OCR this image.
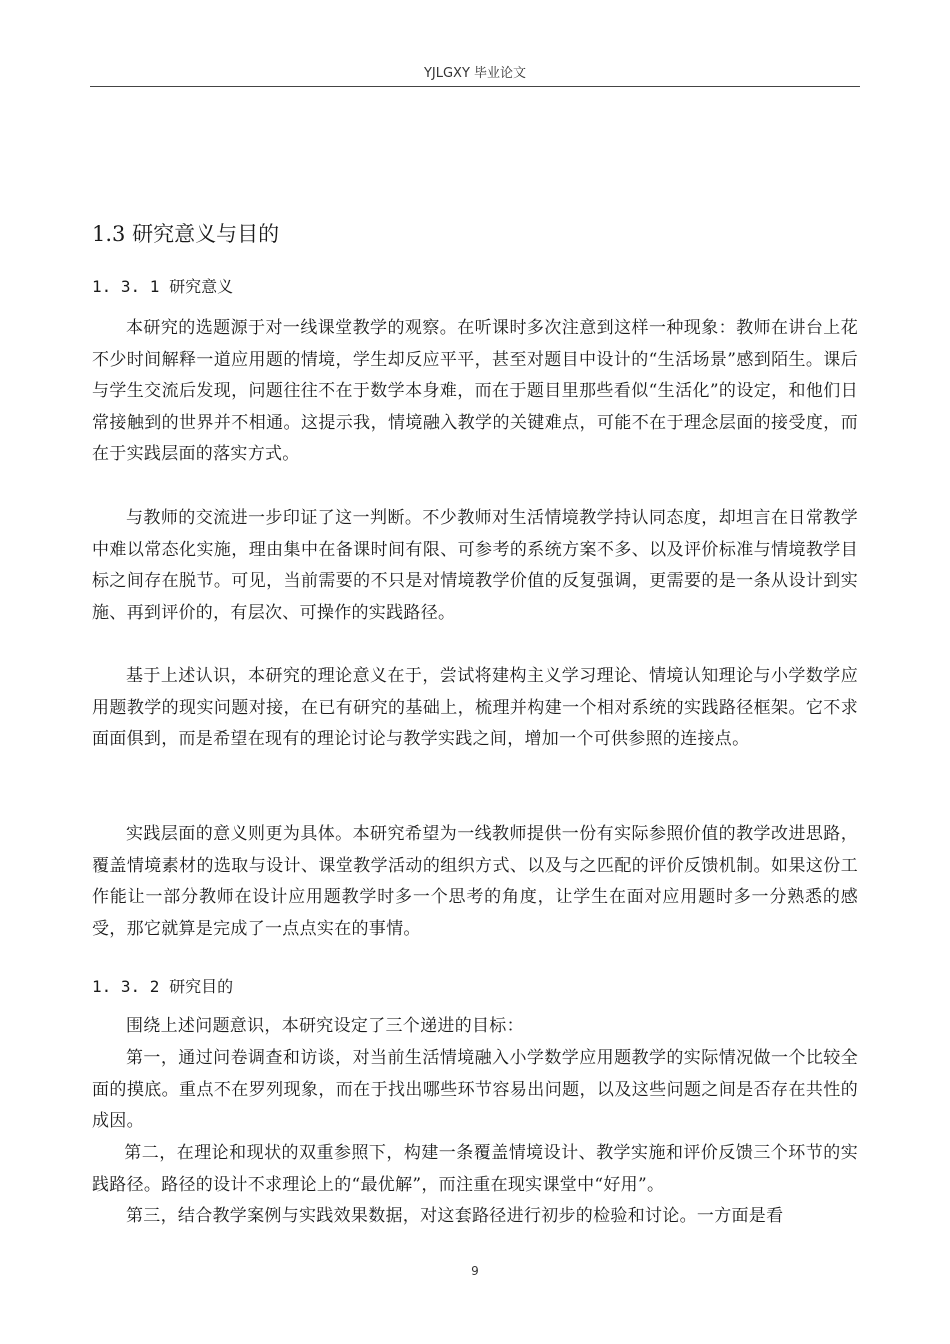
YJLGXY 毕业论文
1.3 研究意义与目的
1. 3. 1 研究意义

本研究的选题源于对一线课堂教学的观察。在听课时多次注意到这样一种现象：教师在讲台上花不少时间解释一道应用题的情境，学生却反应平平，甚至对题目中设计的“生活场景”感到陌生。课后与学生交流后发现，问题往往不在于数学本身难，而在于题目里那些看似“生活化”的设定，和他们日常接触到的世界并不相通。这提示我，情境融入教学的关键难点，可能不在于理念层面的接受度，而在于实践层面的落实方式。

与教师的交流进一步印证了这一判断。不少教师对生活情境教学持认同态度，却坦言在日常教学中难以常态化实施，理由集中在备课时间有限、可参考的系统方案不多、以及评价标准与情境教学目标之间存在脱节。可见，当前需要的不只是对情境教学价值的反复强调，更需要的是一条从设计到实施、再到评价的，有层次、可操作的实践路径。

基于上述认识，本研究的理论意义在于，尝试将建构主义学习理论、情境认知理论与小学数学应用题教学的现实问题对接，在已有研究的基础上，梳理并构建一个相对系统的实践路径框架。它不求面面俱到，而是希望在现有的理论讨论与教学实践之间，增加一个可供参照的连接点。

实践层面的意义则更为具体。本研究希望为一线教师提供一份有实际参照价值的教学改进思路，覆盖情境素材的选取与设计、课堂教学活动的组织方式、以及与之匹配的评价反馈机制。如果这份工作能让一部分教师在设计应用题教学时多一个思考的角度，让学生在面对应用题时多一分熟悉的感受，那它就算是完成了一点点实在的事情。

1. 3. 2 研究目的

围绕上述问题意识，本研究设定了三个递进的目标：

第一，通过问卷调查和访谈，对当前生活情境融入小学数学应用题教学的实际情况做一个比较全面的摸底。重点不在罗列现象，而在于找出哪些环节容易出问题，以及这些问题之间是否存在共性的成因。

第二，在理论和现状的双重参照下，构建一条覆盖情境设计、教学实施和评价反馈三个环节的实践路径。路径的设计不求理论上的“最优解”，而注重在现实课堂中“好用”。

第三，结合教学案例与实践效果数据，对这套路径进行初步的检验和讨论。一方面是看

9
